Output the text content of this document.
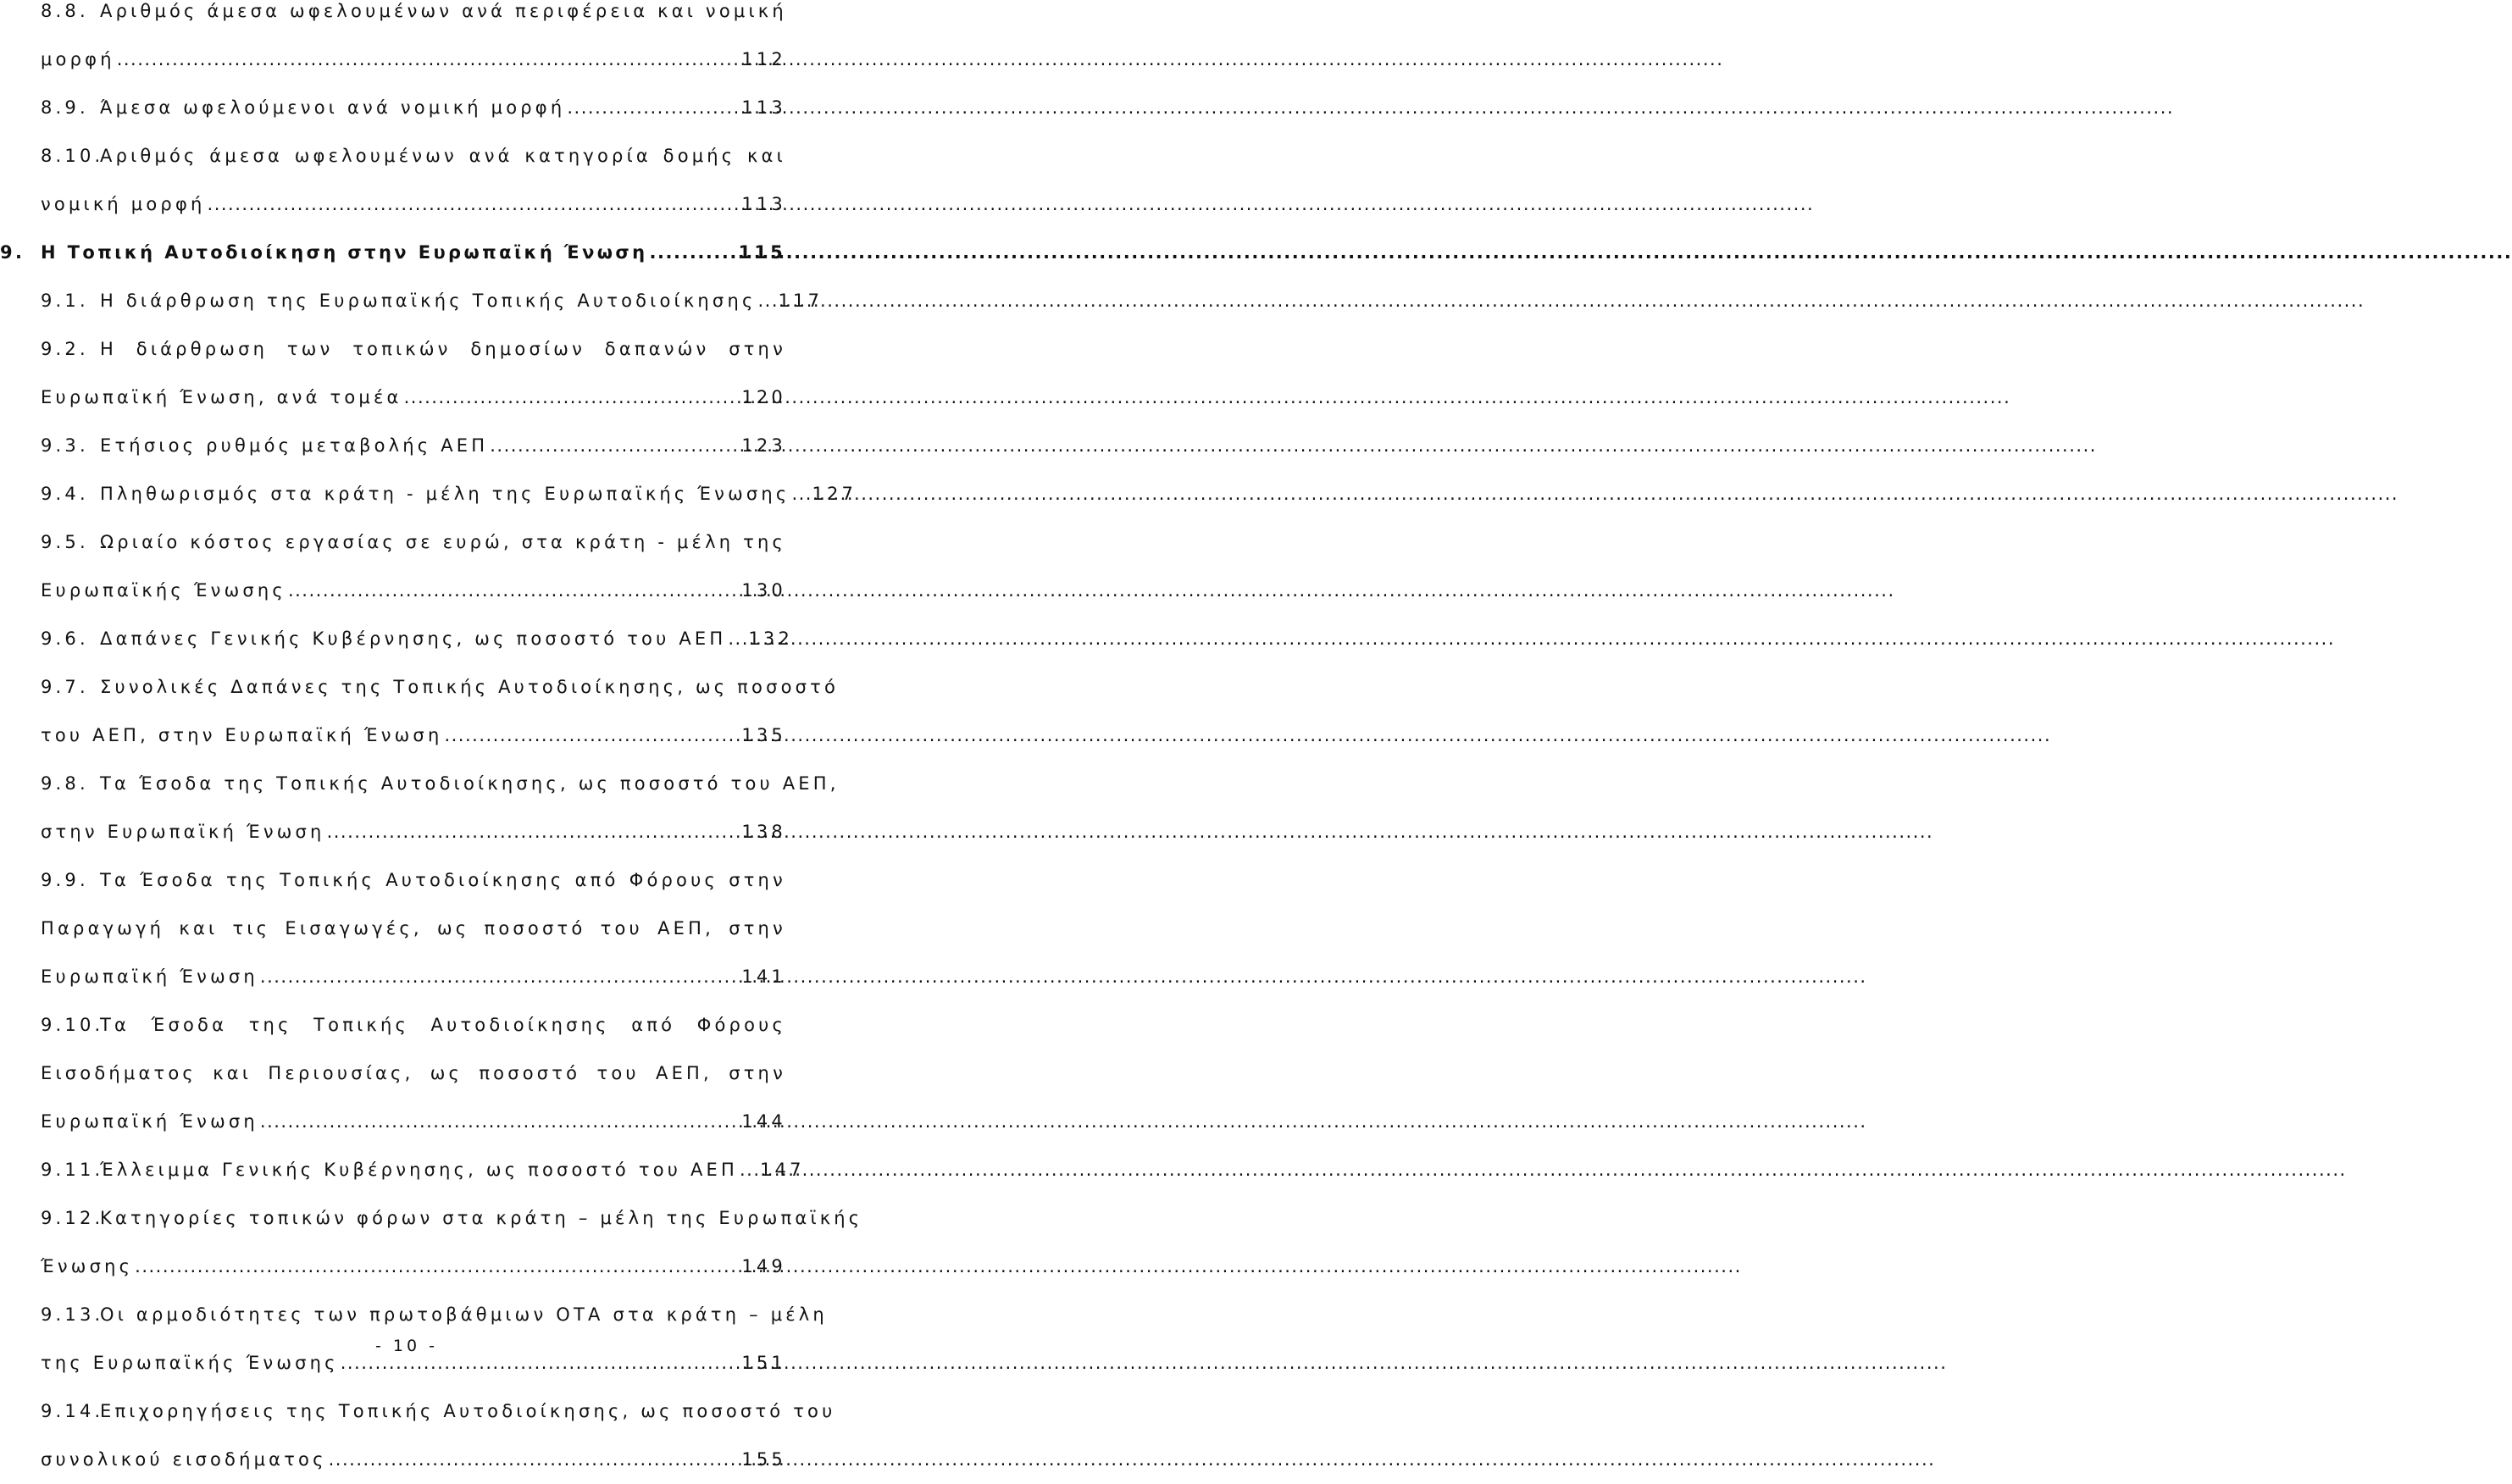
8.8. Αριθμός άμεσα ωφελουμένων ανά περιφέρεια και νομική
μορφή .....	112
8.9. Άμεσα ωφελούμενοι ανά νομική μορφή .....	113
8.10.Αριθμός άμεσα ωφελουμένων ανά κατηγορία δομής και
νομική μορφή .....	113
9. Η Τοπική Αυτοδιοίκηση στην Ευρωπαϊκή Ένωση .....	115
9.1. Η διάρθρωση της Ευρωπαϊκής Τοπικής Αυτοδιοίκησης ..... 117
9.2. Η διάρθρωση των τοπικών δημοσίων δαπανών στην
Ευρωπαϊκή Ένωση, ανά τομέα .....	120
9.3. Ετήσιος ρυθμός μεταβολής ΑΕΠ .....	123
9.4. Πληθωρισμός στα κράτη - μέλη της Ευρωπαϊκής Ένωσης ..... 127
9.5. Ωριαίο κόστος εργασίας σε ευρώ, στα κράτη - μέλη της
Ευρωπαϊκής Ένωσης .....	130
9.6. Δαπάνες Γενικής Κυβέρνησης, ως ποσοστό του ΑΕΠ ..... 132
9.7. Συνολικές Δαπάνες της Τοπικής Αυτοδιοίκησης, ως ποσοστό
του ΑΕΠ, στην Ευρωπαϊκή Ένωση .....	135
9.8. Τα Έσοδα της Τοπικής Αυτοδιοίκησης, ως ποσοστό του ΑΕΠ,
στην Ευρωπαϊκή Ένωση .....	138
9.9. Τα Έσοδα της Τοπικής Αυτοδιοίκησης από Φόρους στην
Παραγωγή και τις Εισαγωγές, ως ποσοστό του ΑΕΠ, στην
Ευρωπαϊκή Ένωση .....	141
9.10.Τα Έσοδα της Τοπικής Αυτοδιοίκησης από Φόρους
Εισοδήματος και Περιουσίας, ως ποσοστό του ΑΕΠ, στην
Ευρωπαϊκή Ένωση .....	144
9.11.Έλλειμμα Γενικής Κυβέρνησης, ως ποσοστό του ΑΕΠ ..... 147
9.12.Κατηγορίες τοπικών φόρων στα κράτη – μέλη της Ευρωπαϊκής
Ένωσης .....	149
9.13.Οι αρμοδιότητες των πρωτοβάθμιων ΟΤΑ στα κράτη – μέλη
της Ευρωπαϊκής Ένωσης .....	151
9.14.Επιχορηγήσεις της Τοπικής Αυτοδιοίκησης, ως ποσοστό του
συνολικού εισοδήματος .....	155
- 10 -
